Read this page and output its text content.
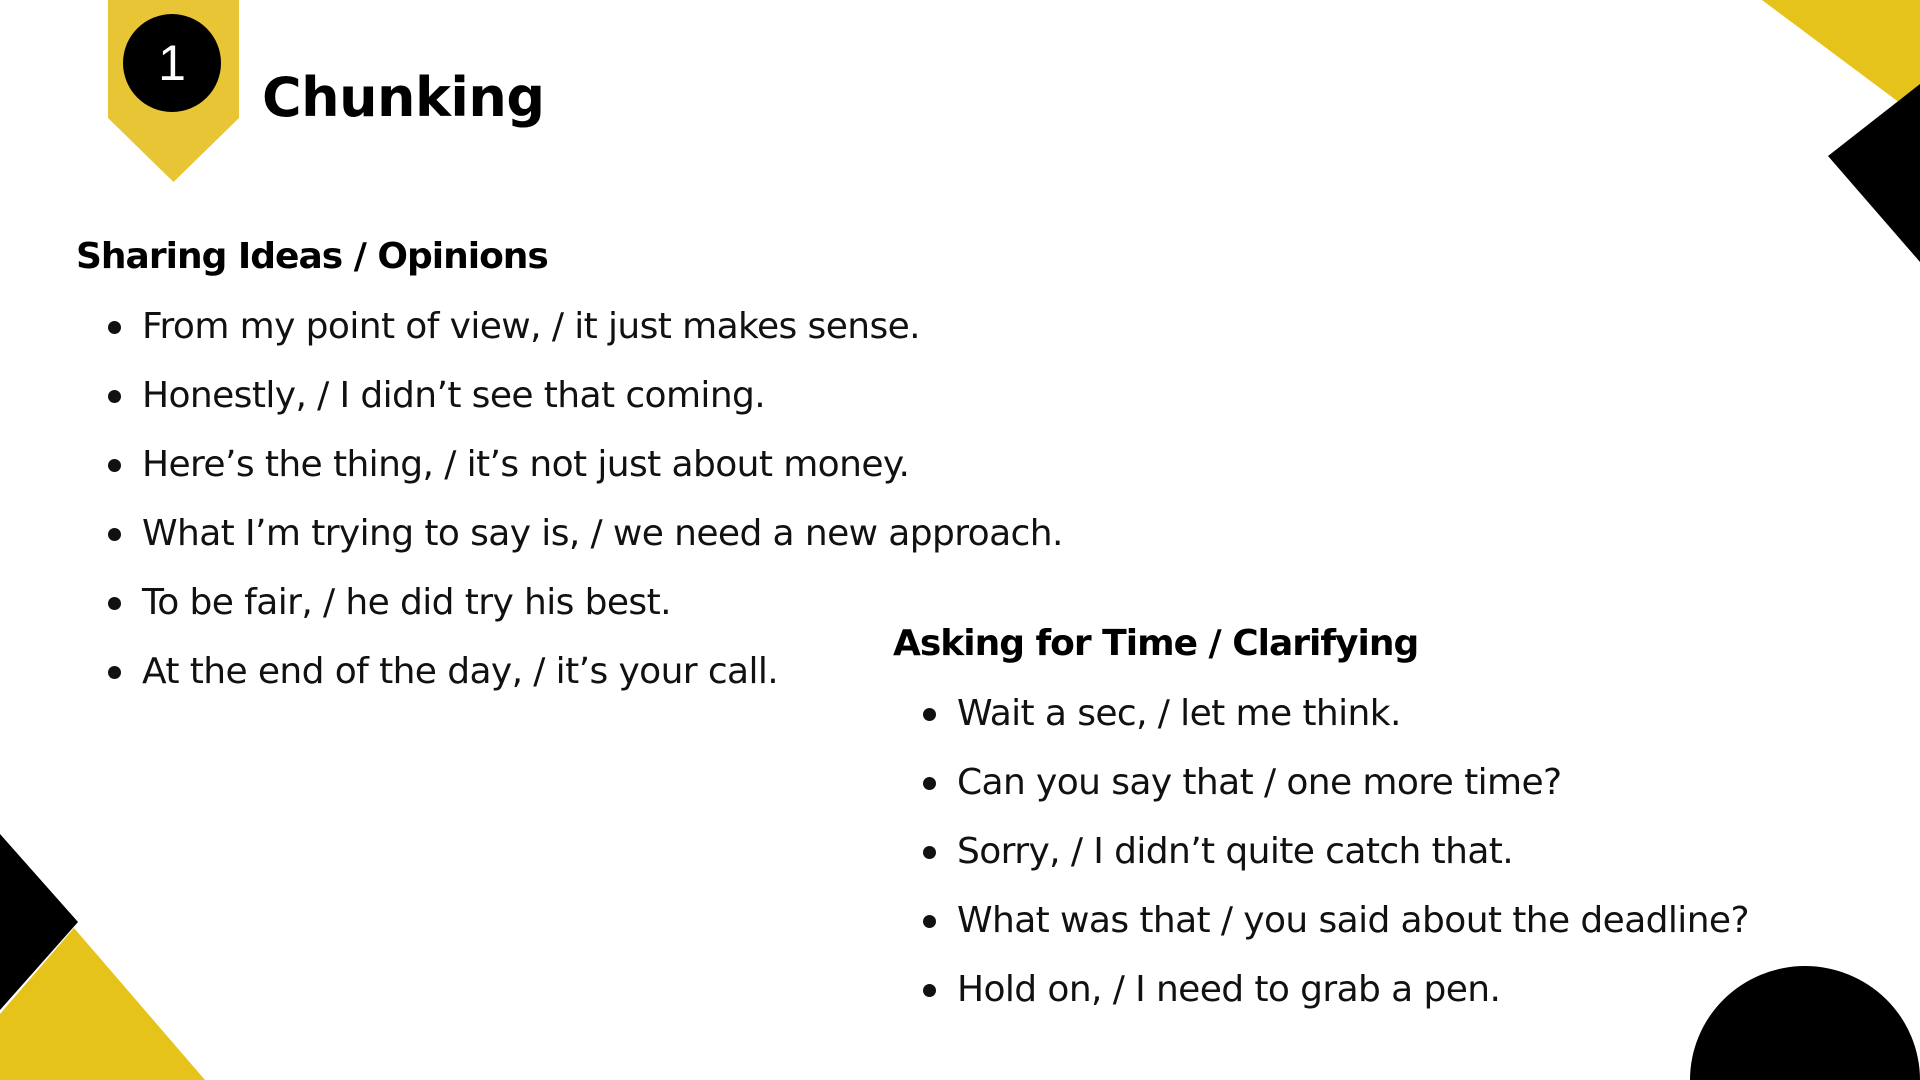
1
Chunking
Sharing Ideas / Opinions
From my point of view, / it just makes sense.
Honestly, / I didn’t see that coming.
Here’s the thing, / it’s not just about money.
What I’m trying to say is, / we need a new approach.
To be fair, / he did try his best.
At the end of the day, / it’s your call.
Asking for Time / Clarifying
Wait a sec, / let me think.
Can you say that / one more time?
Sorry, / I didn’t quite catch that.
What was that / you said about the deadline?
Hold on, / I need to grab a pen.
